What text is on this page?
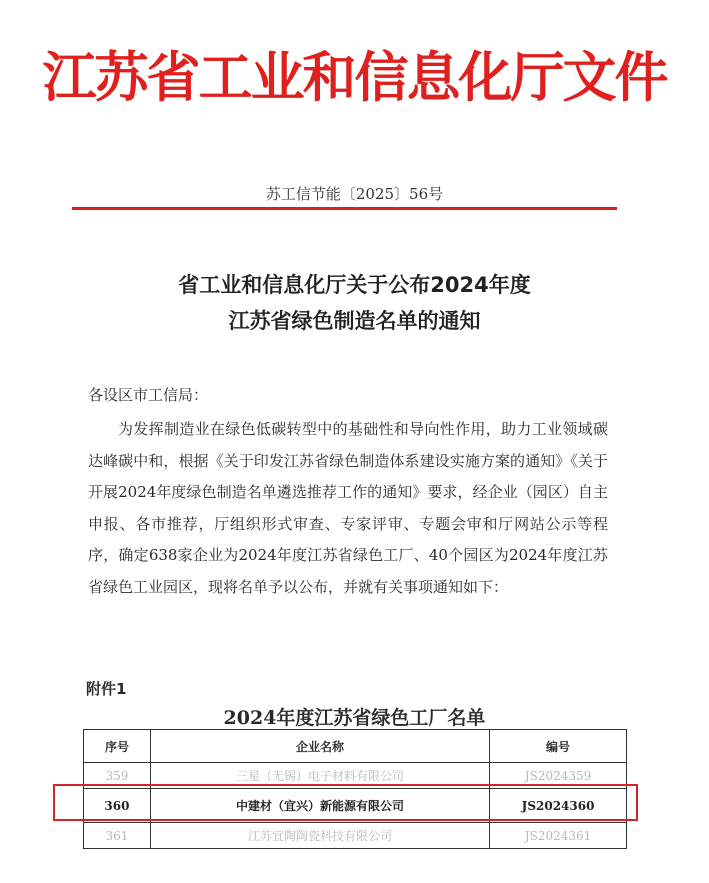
江苏省工业和信息化厅文件
苏工信节能〔2025〕56号
省工业和信息化厅关于公布2024年度
江苏省绿色制造名单的通知
各设区市工信局：
为发挥制造业在绿色低碳转型中的基础性和导向性作用，助力工业领域碳达峰碳中和，根据《关于印发江苏省绿色制造体系建设实施方案的通知》《关于开展2024年度绿色制造名单遴选推荐工作的通知》要求，经企业（园区）自主申报、各市推荐，厅组织形式审查、专家评审、专题会审和厅网站公示等程序，确定638家企业为2024年度江苏省绿色工厂、40个园区为2024年度江苏省绿色工业园区，现将名单予以公布，并就有关事项通知如下：
附件1
2024年度江苏省绿色工厂名单
序号	企业名称	编号
359	三星（无锡）电子材料有限公司	JS2024359
360	中建材（宜兴）新能源有限公司	JS2024360
361	江苏宜陶陶瓷科技有限公司	JS2024361
